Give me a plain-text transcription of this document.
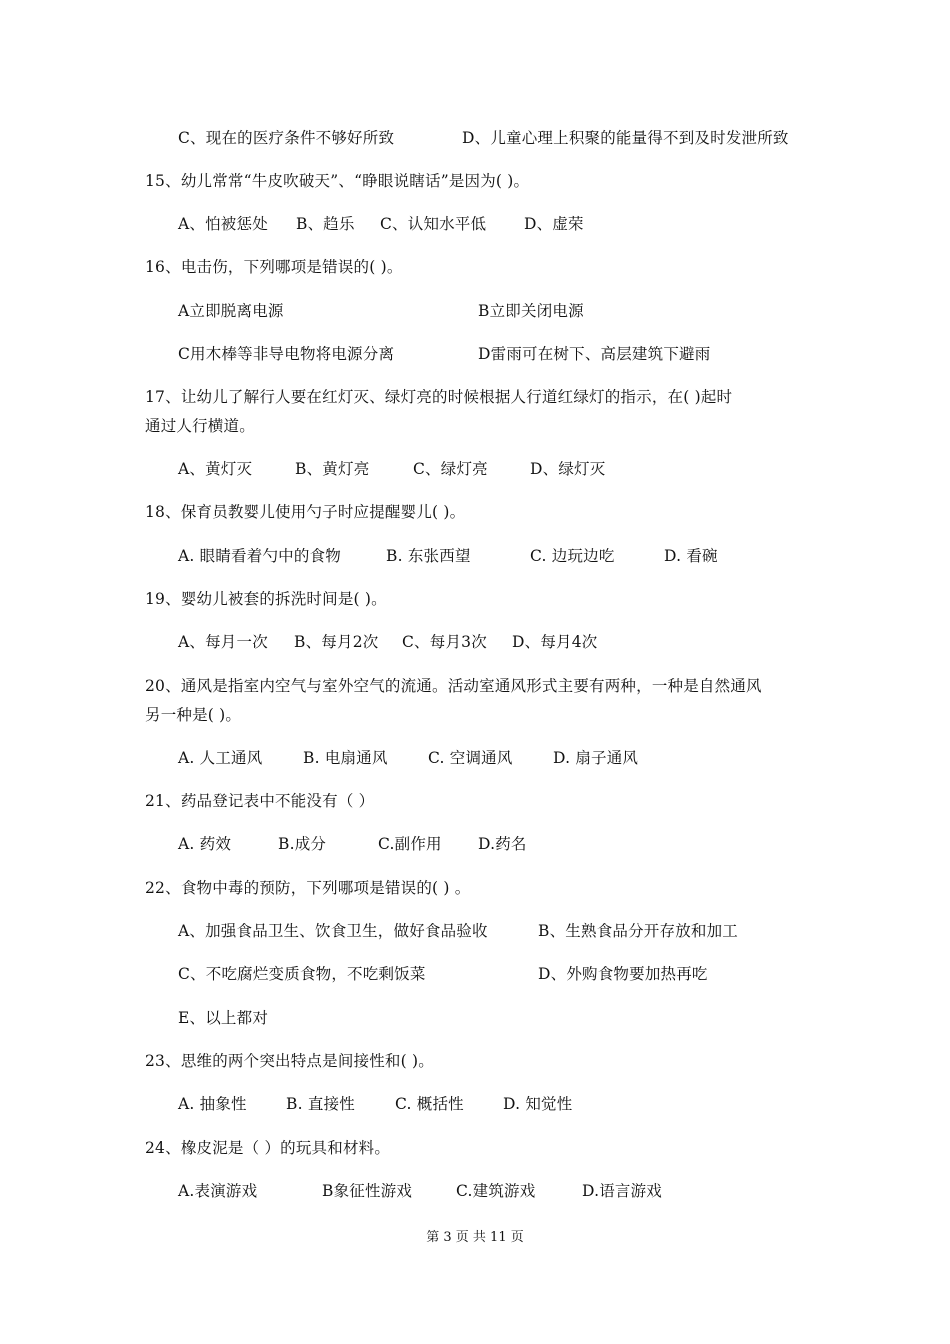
C、现在的医疗条件不够好所致	D、儿童心理上积聚的能量得不到及时发泄所致
15、幼儿常常“牛皮吹破天”、“睁眼说瞎话”是因为( )。
A、怕被惩处 B、趋乐 C、认知水平低 D、虚荣
16、电击伤，下列哪项是错误的( )。
A立即脱离电源	B立即关闭电源
C用木棒等非导电物将电源分离	D雷雨可在树下、高层建筑下避雨
17、让幼儿了解行人要在红灯灭、绿灯亮的时候根据人行道红绿灯的指示，在( )起时
通过人行横道。
A、黄灯灭	B、黄灯亮	C、绿灯亮	D、绿灯灭
18、保育员教婴儿使用勺子时应提醒婴儿( )。
A. 眼睛看着勺中的食物	B. 东张西望	C. 边玩边吃	D. 看碗
19、婴幼儿被套的拆洗时间是( )。
A、每月一次 B、每月2次 C、每月3次 D、每月4次
20、通风是指室内空气与室外空气的流通。活动室通风形式主要有两种，一种是自然通风
另一种是( )。
A. 人工通风	B. 电扇通风	C. 空调通风	D. 扇子通风
21、药品登记表中不能没有（ ）
A. 药效	B.成分	C.副作用 D.药名
22、食物中毒的预防，下列哪项是错误的( ) 。
A、加强食品卫生、饮食卫生，做好食品验收	B、生熟食品分开存放和加工
C、不吃腐烂变质食物，不吃剩饭菜	D、外购食物要加热再吃
E、以上都对
23、思维的两个突出特点是间接性和( )。
A. 抽象性	B. 直接性	C. 概括性	D. 知觉性
24、橡皮泥是（ ）的玩具和材料。
A.表演游戏	B象征性游戏	C.建筑游戏	D.语言游戏
第 3 页 共 11 页
